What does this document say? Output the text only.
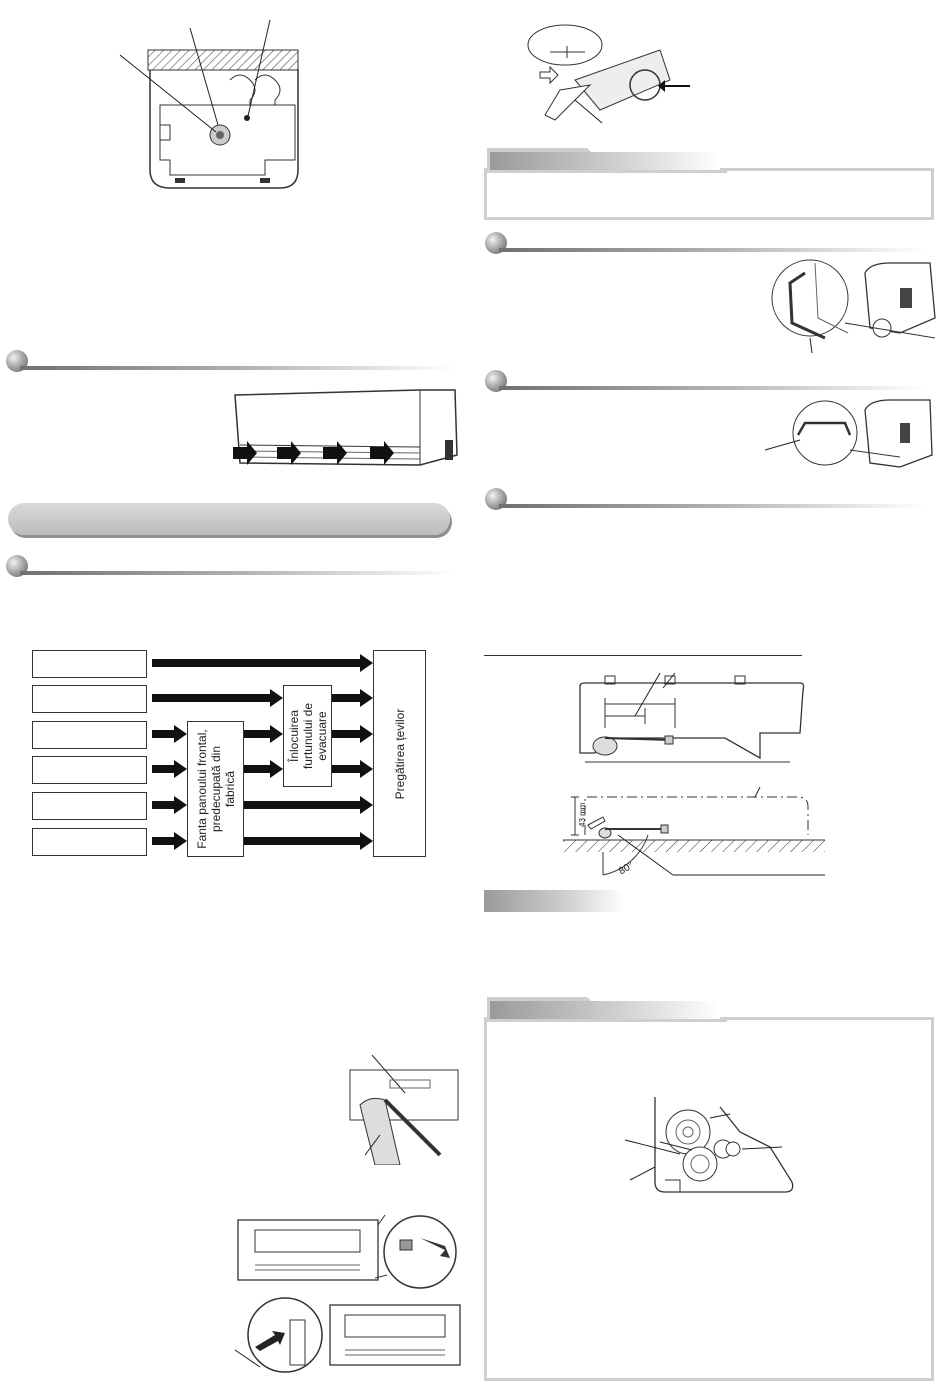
Fanta panoului frontal, predecupată din fabrică
Înlocuirea furtunului de evacuare	Pregătirea țevilor
43 mm
80°
